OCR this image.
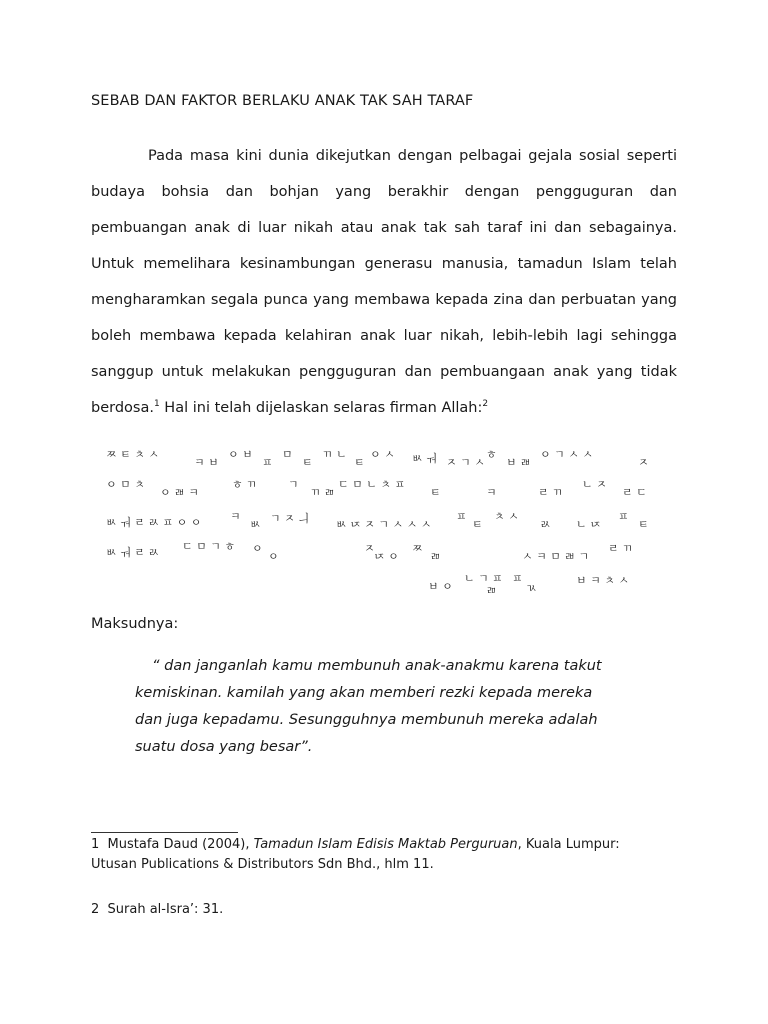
SEBAB DAN FAKTOR BERLAKU ANAK TAK SAH TARAF

Pada masa kini dunia dikejutkan dengan pelbagai gejala sosial seperti budaya bohsia dan bohjan yang berakhir dengan pengguguran dan pembuangan anak di luar nikah atau anak tak sah taraf ini dan sebagainya. Untuk memelihara kesinambungan generasu manusia, tamadun Islam telah mengharamkan segala punca yang membawa kepada zina dan perbuatan yang boleh membawa kepada kelahiran anak luar nikah, lebih-lebih lagi sehingga sanggup untuk melakukan pengguguran dan pembuangaan anak yang tidak berdosa.$^1$ Hal ini telah dijelaskan selaras firman Allah:$^2$

ㅉ ㅌ ㅊ ㅅ
ㅋ ㅂ
ㅇ ㅂ
ㅍ
ㅁ
ㅌ
ㄲ ㄴ
ㅌ
ㅇ ㅅ ㅄ ㅝ ㅈ ㄱ ㅅ
ㅎ
ㅂ ㄼ
ㅇ ㄱ ㅅ ㅅ
ㅈ
ㅇ ㅁ ㅊ
ㅇ ㄼ ㅋ
ㅎ ㄲ	ㄱ
ㄲ ㄻ
ㄷ ㅁ ㄴ ㅊ ㅍ
ㅌ	ㅋ	ㄹ ㄲ
ㄴ ㅈ
ㄹ ㄷ
ㅄ ㅝ ㄹ ㄽ ㅍ ㅇ ㅇ	ㅋ
ㅄ ㄱ ㅈ ㅢ ㅄ ㄵ ㅈ ㄱ ㅅ ㅅ ㅅ
ㅍ
ㅌ
ㅊ ㅅ
ㄽ ㄴ ㄵ
ㅍ
ㅌ
ㅄ ㅝ ㄹ ㄽ ㄷ ㅁ ㄱ ㅎ ㅇ
ㅇ
ㅈ
ㄵ ㅇ
ㅉ
ㄻ	ㅅ ㅋ ㅁ ㄼ ㄱ
ㄹ ㄲ
ㅂ ㅇ
ㄴ ㄱ ㅍ
ㄻ
ㅍ
ㄳ
ㅂ ㅋ ㅊ ㅅ
Maksudnya:

“ dan janganlah kamu membunuh anak-anakmu karena takut
kemiskinan. kamilah yang akan memberi rezki kepada mereka
dan juga kepadamu. Sesungguhnya membunuh mereka adalah
suatu dosa yang besar”.

1 Mustafa Daud (2004), Tamadun Islam Edisis Maktab Perguruan, Kuala Lumpur:
Utusan Publications & Distributors Sdn Bhd., hlm 11.
2 Surah al-Isra’: 31.
